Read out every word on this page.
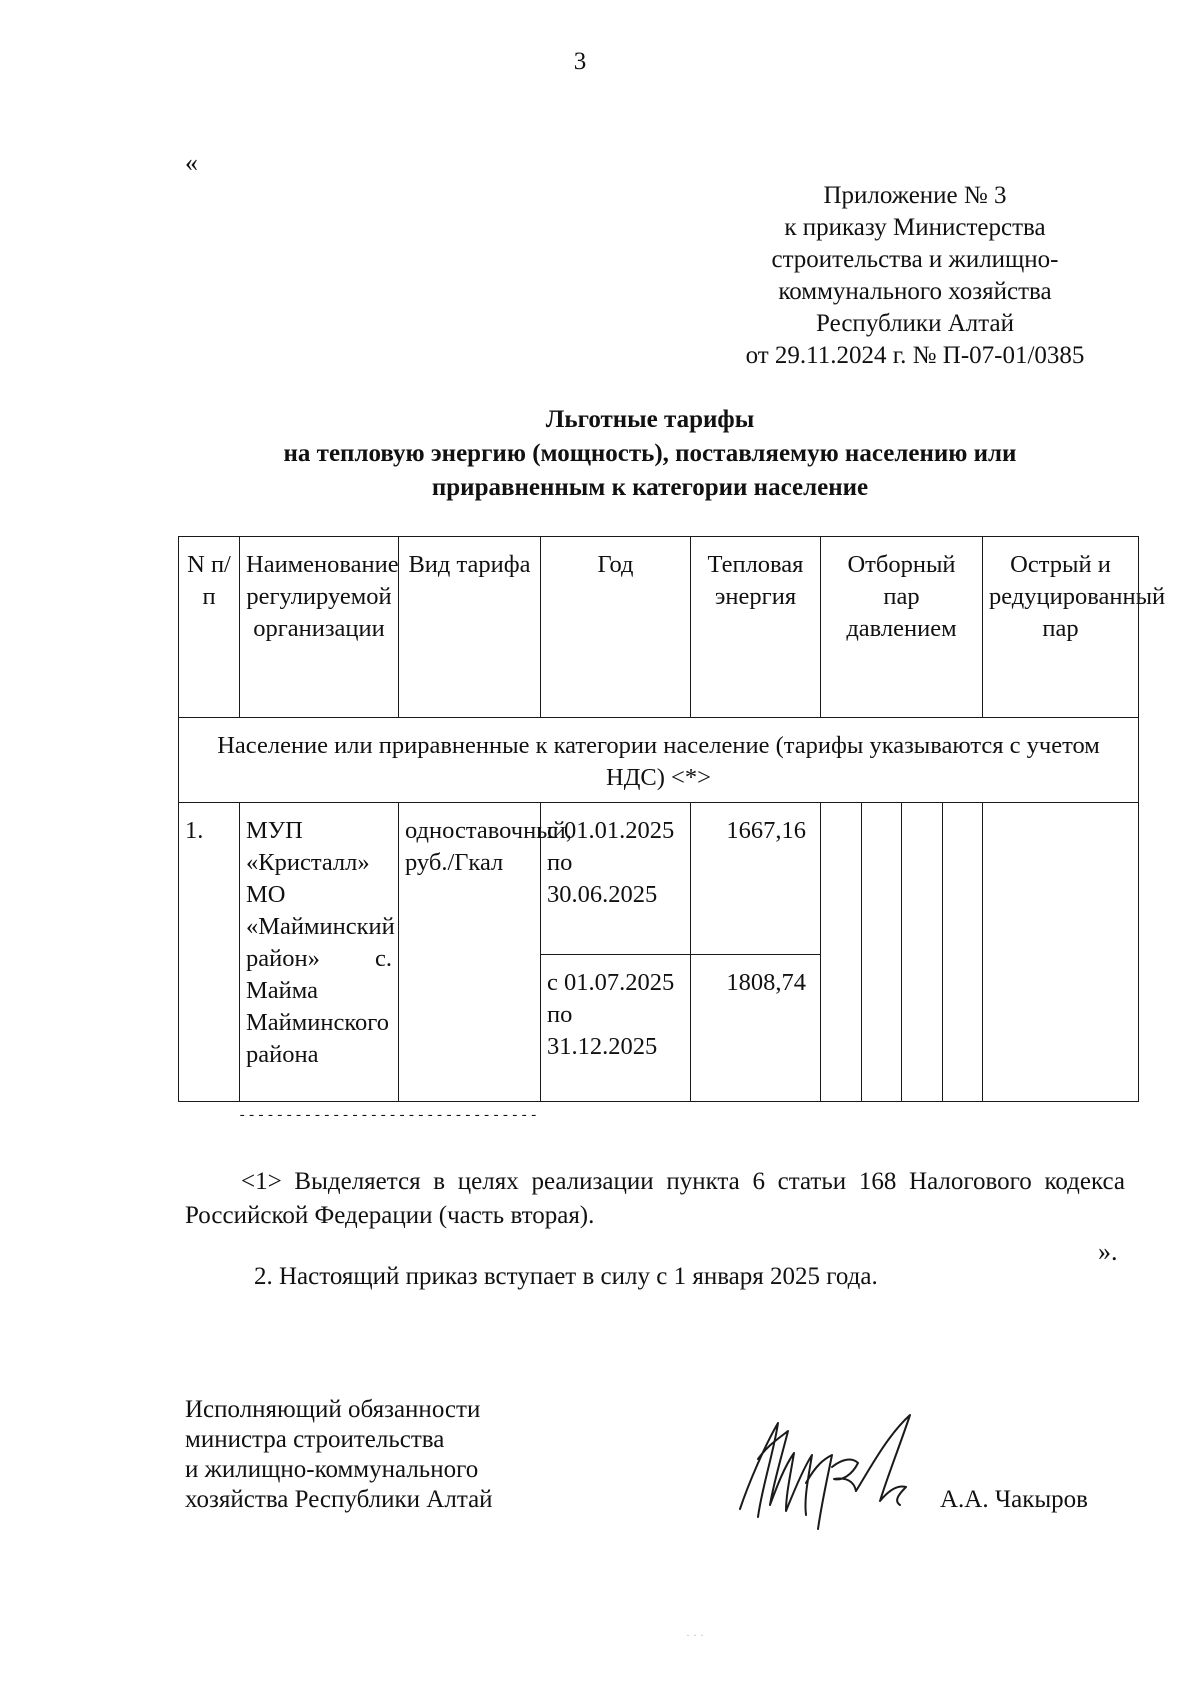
3
«
Приложение № 3
к приказу Министерства
строительства и жилищно-
коммунального хозяйства
Республики Алтай
от 29.11.2024 г. № П-07-01/0385
Льготные тарифы
на тепловую энергию (мощность), поставляемую населению или
приравненным к категории население
N п/п	Наименование регулируемой организации	Вид тарифа	Год	Тепловая энергия	Отборный пар давлением	Острый и редуцированный пар
Население или приравненные к категории население (тарифы указываются с учетом НДС) <*>						
1.	МУП «Кристалл» МО «Майминский район» с. Майма Майминского района	одноставочный, руб./Гкал	с 01.01.2025 по 30.06.2025	1667,16	

			с 01.07.2025 по 31.12.2025	1808,74		
--------------------------------
<1> Выделяется в целях реализации пункта 6 статьи 168 Налогового кодекса Российской Федерации (часть вторая).
».
2. Настоящий приказ вступает в силу с 1 января 2025 года.
Исполняющий обязанности
министра строительства
и жилищно-коммунального
хозяйства Республики Алтай	А.А. Чакыров
· · ·
